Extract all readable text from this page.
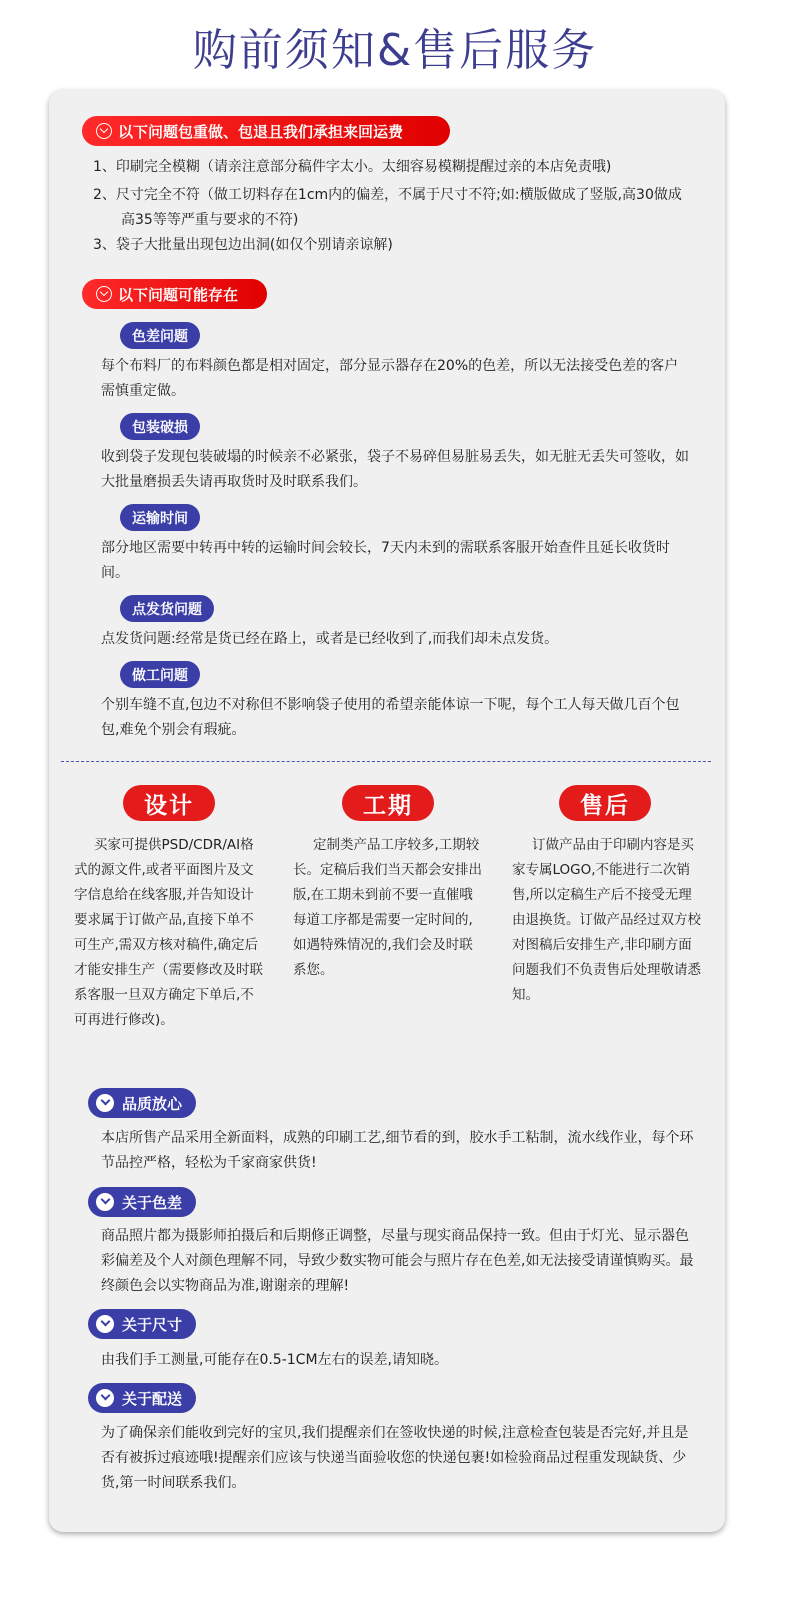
购前须知&售后服务
以下问题包重做、包退且我们承担来回运费
1、印刷完全模糊（请亲注意部分稿件字太小。太细容易模糊提醒过亲的本店免责哦)
2、尺寸完全不符（做工切料存在1cm内的偏差，不属于尺寸不符;如:横版做成了竖版,高30做成高35等等严重与要求的不符)
3、袋子大批量出现包边出洞(如仅个别请亲谅解)
以下问题可能存在
色差问题
每个布料厂的布料颜色都是相对固定，部分显示器存在20%的色差，所以无法接受色差的客户需慎重定做。
包装破损
收到袋子发现包装破塌的时候亲不必紧张，袋子不易碎但易脏易丢失，如无脏无丢失可签收，如大批量磨损丢失请再取货时及时联系我们。
运输时间
部分地区需要中转再中转的运输时间会较长，7天内未到的需联系客服开始查件且延长收货时间。
点发货问题
点发货问题:经常是货已经在路上，或者是已经收到了,而我们却未点发货。
做工问题
个别车缝不直,包边不对称但不影响袋子使用的希望亲能体谅一下呢，每个工人每天做几百个包包,难免个别会有瑕疵。
设计
买家可提供PSD/CDR/AI格式的源文件,或者平面图片及文字信息给在线客服,并告知设计要求属于订做产品,直接下单不可生产,需双方核对稿件,确定后才能安排生产（需要修改及时联系客服一旦双方确定下单后,不可再进行修改)。
工期
定制类产品工序较多,工期较长。定稿后我们当天都会安排出版,在工期未到前不要一直催哦每道工序都是需要一定时间的,如遇特殊情况的,我们会及时联系您。
售后
订做产品由于印刷内容是买家专属LOGO,不能进行二次销售,所以定稿生产后不接受无理由退换货。订做产品经过双方校对图稿后安排生产,非印刷方面问题我们不负责售后处理敬请悉知。
品质放心
本店所售产品采用全新面料，成熟的印刷工艺,细节看的到，胶水手工粘制，流水线作业，每个环节品控严格，轻松为千家商家供货!
关于色差
商品照片都为摄影师拍摄后和后期修正调整，尽量与现实商品保持一致。但由于灯光、显示器色彩偏差及个人对颜色理解不同，导致少数实物可能会与照片存在色差,如无法接受请谨慎购买。最终颜色会以实物商品为准,谢谢亲的理解!
关于尺寸
由我们手工测量,可能存在0.5-1CM左右的误差,请知晓。
关于配送
为了确保亲们能收到完好的宝贝,我们提醒亲们在签收快递的时候,注意检查包装是否完好,并且是否有被拆过痕迹哦!提醒亲们应该与快递当面验收您的快递包裹!如检验商品过程重发现缺货、少货,第一时间联系我们。
